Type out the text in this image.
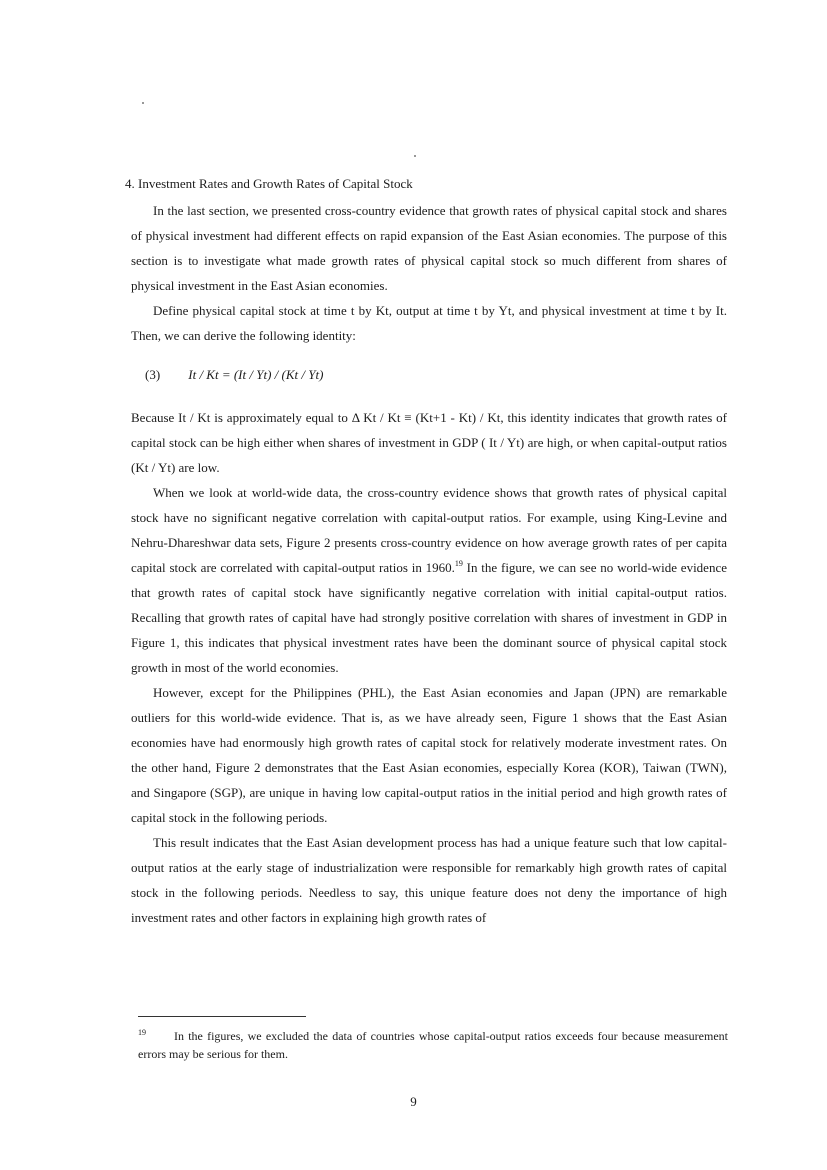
4. Investment Rates and Growth Rates of Capital Stock

In the last section, we presented cross-country evidence that growth rates of physical capital stock and shares of physical investment had different effects on rapid expansion of the East Asian economies. The purpose of this section is to investigate what made growth rates of physical capital stock so much different from shares of physical investment in the East Asian economies.

Define physical capital stock at time t by Kt, output at time t by Yt, and physical investment at time t by It. Then, we can derive the following identity:

(3) It / Kt = (It / Yt) / (Kt / Yt)

Because It / Kt is approximately equal to Δ Kt / Kt ≡ (Kt+1 - Kt) / Kt, this identity indicates that growth rates of capital stock can be high either when shares of investment in GDP ( It / Yt) are high, or when capital-output ratios (Kt / Yt) are low.

When we look at world-wide data, the cross-country evidence shows that growth rates of physical capital stock have no significant negative correlation with capital-output ratios. For example, using King-Levine and Nehru-Dhareshwar data sets, Figure 2 presents cross-country evidence on how average growth rates of per capita capital stock are correlated with capital-output ratios in 1960.19 In the figure, we can see no world-wide evidence that growth rates of capital stock have significantly negative correlation with initial capital-output ratios. Recalling that growth rates of capital have had strongly positive correlation with shares of investment in GDP in Figure 1, this indicates that physical investment rates have been the dominant source of physical capital stock growth in most of the world economies.

However, except for the Philippines (PHL), the East Asian economies and Japan (JPN) are remarkable outliers for this world-wide evidence. That is, as we have already seen, Figure 1 shows that the East Asian economies have had enormously high growth rates of capital stock for relatively moderate investment rates. On the other hand, Figure 2 demonstrates that the East Asian economies, especially Korea (KOR), Taiwan (TWN), and Singapore (SGP), are unique in having low capital-output ratios in the initial period and high growth rates of capital stock in the following periods.

This result indicates that the East Asian development process has had a unique feature such that low capital-output ratios at the early stage of industrialization were responsible for remarkably high growth rates of capital stock in the following periods. Needless to say, this unique feature does not deny the importance of high investment rates and other factors in explaining high growth rates of

19 In the figures, we excluded the data of countries whose capital-output ratios exceeds four because measurement errors may be serious for them.
9
